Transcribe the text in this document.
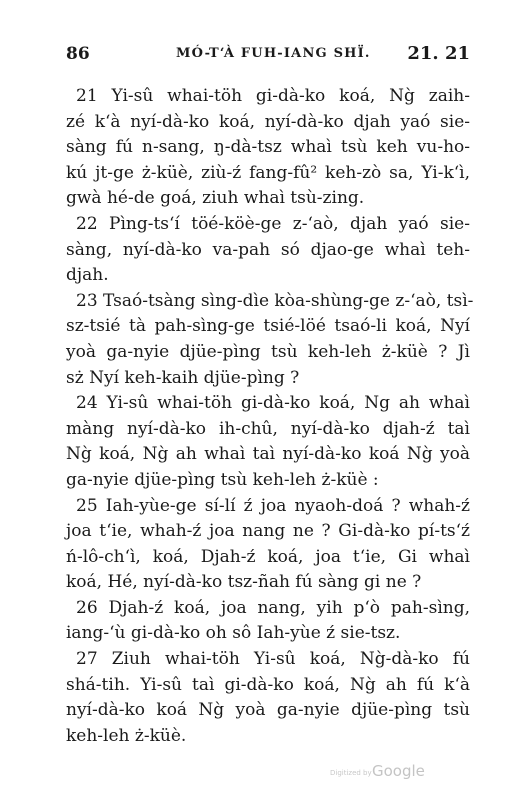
86	MÓ-T‘À FUH-IANG SHÏ. 21. 21
21 Yi-sû whai-töh gi-dà-ko koá, Ng̀ zaih-
zé k‘à nyí-dà-ko koá, nyí-dà-ko djah yaó sie-
sàng fú n-sang, ŋ-dà-tsz whaì tsù keh vu-ho-
kú jt-ge ż-küè, ziù-ź fang-fû² keh-zò sa, Yi-k‘ì,
gwà hé-de goá, ziuh whaì tsù-zing.
22 Pìng-ts‘í töé-köè-ge z-‘aò, djah yaó sie-
sàng, nyí-dà-ko va-pah só djao-ge whaì teh-
djah.
23 Tsaó-tsàng sìng-dìe kòa-shùng-ge z-‘aò, tsì-
sz-tsié tà pah-sìng-ge tsié-löé tsaó-li koá, Nyí
yoà ga-nyie djüe-pìng tsù keh-leh ż-küè ? Jì
sż Nyí keh-kaih djüe-pìng ?
24 Yi-sû whai-töh gi-dà-ko koá, Ng ah whaì
màng nyí-dà-ko ih-chû, nyí-dà-ko djah-ź taì
Ng̀ koá, Ng̀ ah whaì taì nyí-dà-ko koá Ng̀ yoà
ga-nyie djüe-pìng tsù keh-leh ż-küè :
25 Iah-yùe-ge sí-lí ź joa nyaoh-doá ? whah-ź
joa t‘ie, whah-ź joa nang ne ? Gi-dà-ko pí-ts‘ź
ń-lô-ch‘ì, koá, Djah-ź koá, joa t‘ie, Gi whaì
koá, Hé, nyí-dà-ko tsz-ñah fú sàng gi ne ?
26 Djah-ź koá, joa nang, yih p‘ò pah-sìng,
iang-‘ù gi-dà-ko oh sô Iah-yùe ź sie-tsz.
27 Ziuh whai-töh Yi-sû koá, Ng̀-dà-ko fú
shá-tih. Yi-sû taì gi-dà-ko koá, Ng̀ ah fú k‘à
nyí-dà-ko koá Ng̀ yoà ga-nyie djüe-pìng tsù
keh-leh ż-küè.
Digitized by Google
